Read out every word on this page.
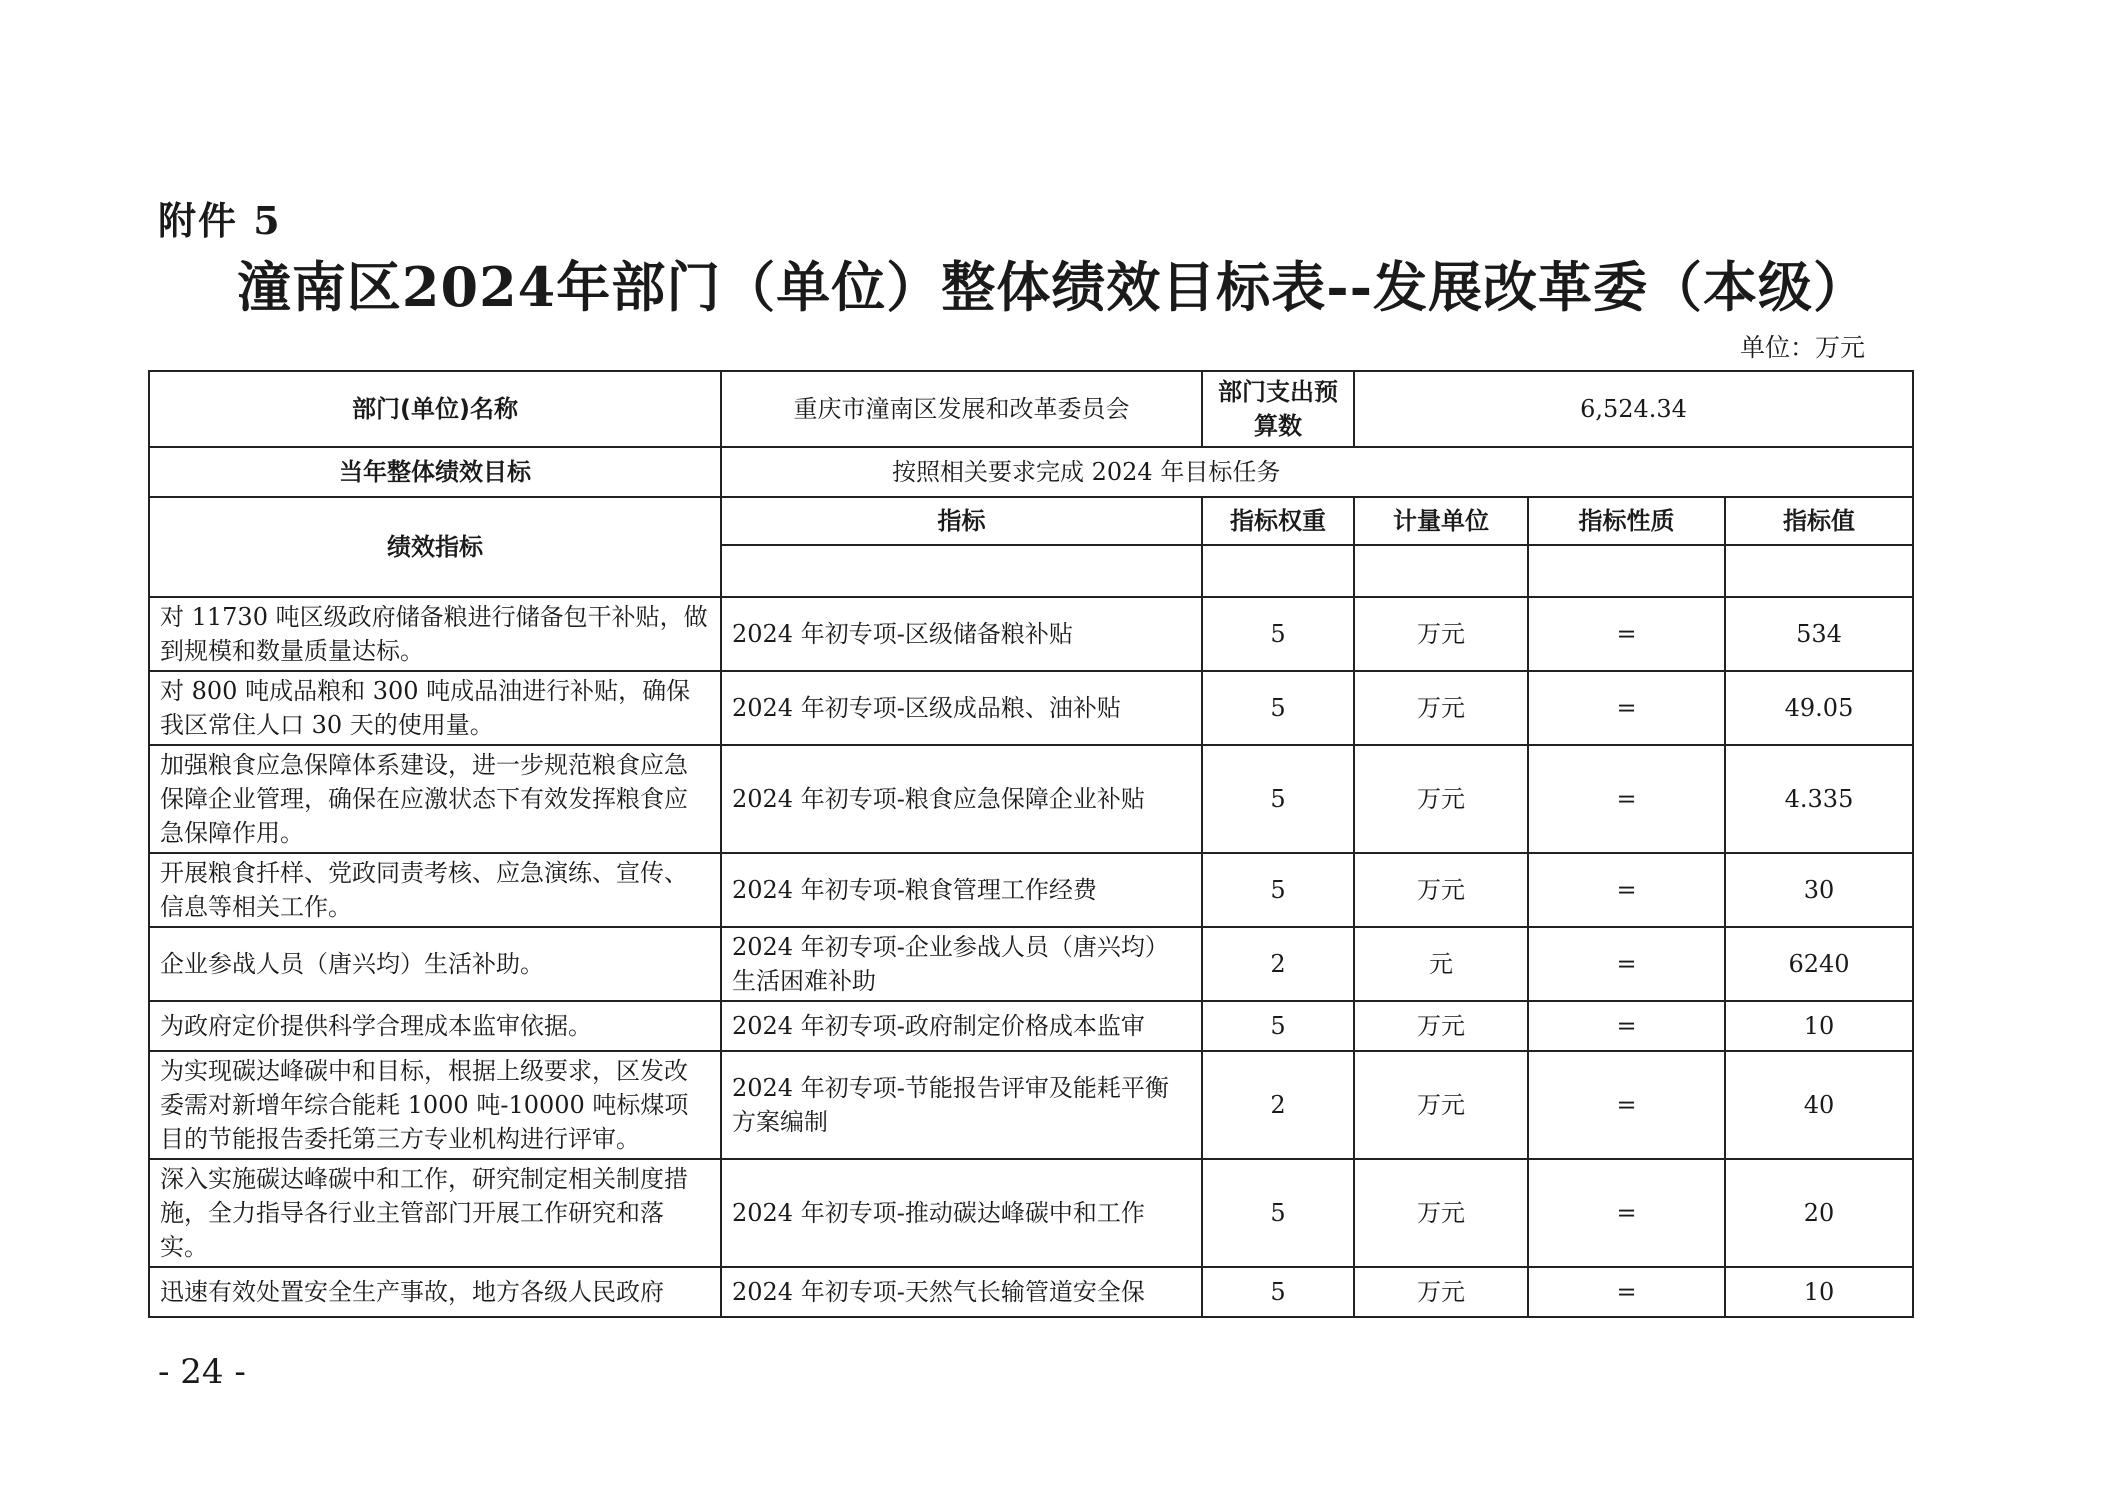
附件 5
潼南区2024年部门（单位）整体绩效目标表--发展改革委（本级）
单位：万元
部门(单位)名称	重庆市潼南区发展和改革委员会	部门支出预算数	6,524.34		
当年整体绩效目标	按照相关要求完成 2024 年目标任务				
绩效指标	指标	指标权重	计量单位	指标性质	指标值

对 11730 吨区级政府储备粮进行储备包干补贴，做到规模和数量质量达标。	2024 年初专项-区级储备粮补贴	5	万元	=	534
对 800 吨成品粮和 300 吨成品油进行补贴，确保我区常住人口 30 天的使用量。	2024 年初专项-区级成品粮、油补贴	5	万元	=	49.05
加强粮食应急保障体系建设，进一步规范粮食应急保障企业管理，确保在应激状态下有效发挥粮食应急保障作用。	2024 年初专项-粮食应急保障企业补贴	5	万元	=	4.335
开展粮食扦样、党政同责考核、应急演练、宣传、信息等相关工作。	2024 年初专项-粮食管理工作经费	5	万元	=	30
企业参战人员（唐兴均）生活补助。	2024 年初专项-企业参战人员（唐兴均）生活困难补助	2	元	=	6240
为政府定价提供科学合理成本监审依据。	2024 年初专项-政府制定价格成本监审	5	万元	=	10
为实现碳达峰碳中和目标，根据上级要求，区发改委需对新增年综合能耗 1000 吨-10000 吨标煤项目的节能报告委托第三方专业机构进行评审。	2024 年初专项-节能报告评审及能耗平衡方案编制	2	万元	=	40
深入实施碳达峰碳中和工作，研究制定相关制度措施，全力指导各行业主管部门开展工作研究和落实。	2024 年初专项-推动碳达峰碳中和工作	5	万元	=	20
迅速有效处置安全生产事故，地方各级人民政府	2024 年初专项-天然气长输管道安全保	5	万元	=	10
- 24 -
